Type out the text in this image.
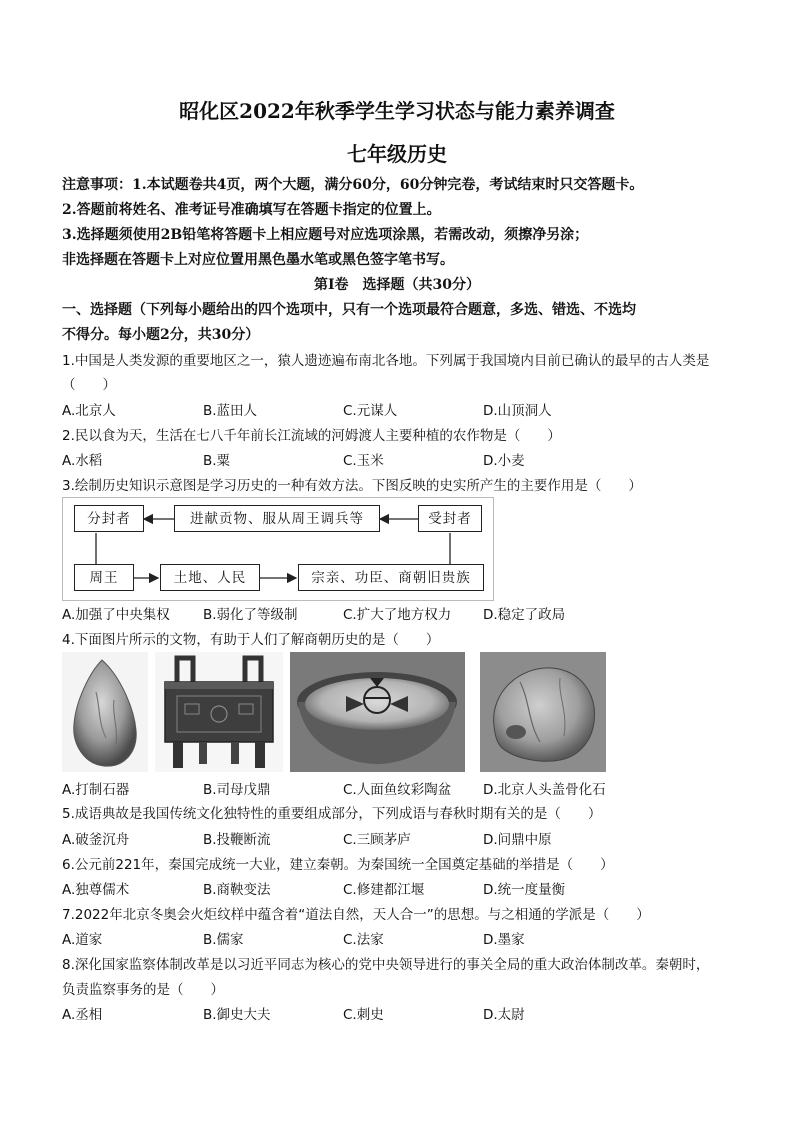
昭化区2022年秋季学生学习状态与能力素养调查
七年级历史
注意事项：1.本试题卷共4页，两个大题，满分60分，60分钟完卷，考试结束时只交答题卡。
2.答题前将姓名、准考证号准确填写在答题卡指定的位置上。
3.选择题须使用2B铅笔将答题卡上相应题号对应选项涂黑，若需改动，须擦净另涂；
非选择题在答题卡上对应位置用黑色墨水笔或黑色签字笔书写。
第Ⅰ卷　选择题（共30分）
一、选择题（下列每小题给出的四个选项中，只有一个选项最符合题意，多选、错选、不选均
不得分。每小题2分，共30分）
1.中国是人类发源的重要地区之一，猿人遗迹遍布南北各地。下列属于我国境内目前已确认的最早的古人类是
（　　）
A.北京人	B.蓝田人	C.元谋人	D.山顶洞人
2.民以食为天，生活在七八千年前长江流域的河姆渡人主要种植的农作物是（　　）
A.水稻	B.粟	C.玉米	D.小麦
3.绘制历史知识示意图是学习历史的一种有效方法。下图反映的史实所产生的主要作用是（　　）
分封者	进献贡物、服从周王调兵等	受封者
周王	土地、人民	宗亲、功臣、商朝旧贵族
A.加强了中央集权 B.弱化了等级制	C.扩大了地方权力 D.稳定了政局
4.下面图片所示的文物，有助于人们了解商朝历史的是（　　）
A.打制石器	B.司母戊鼎	C.人面鱼纹彩陶盆 D.北京人头盖骨化石
5.成语典故是我国传统文化独特性的重要组成部分，下列成语与春秋时期有关的是（　　）
A.破釜沉舟	B.投鞭断流	C.三顾茅庐	D.问鼎中原
6.公元前221年，秦国完成统一大业，建立秦朝。为秦国统一全国奠定基础的举措是（　　）
A.独尊儒术	B.商鞅变法	C.修建都江堰	D.统一度量衡
7.2022年北京冬奥会火炬纹样中蕴含着“道法自然，天人合一”的思想。与之相通的学派是（　　）
A.道家	B.儒家	C.法家	D.墨家
8.深化国家监察体制改革是以习近平同志为核心的党中央领导进行的事关全局的重大政治体制改革。秦朝时，
负责监察事务的是（　　）
A.丞相	B.御史大夫	C.刺史	D.太尉
